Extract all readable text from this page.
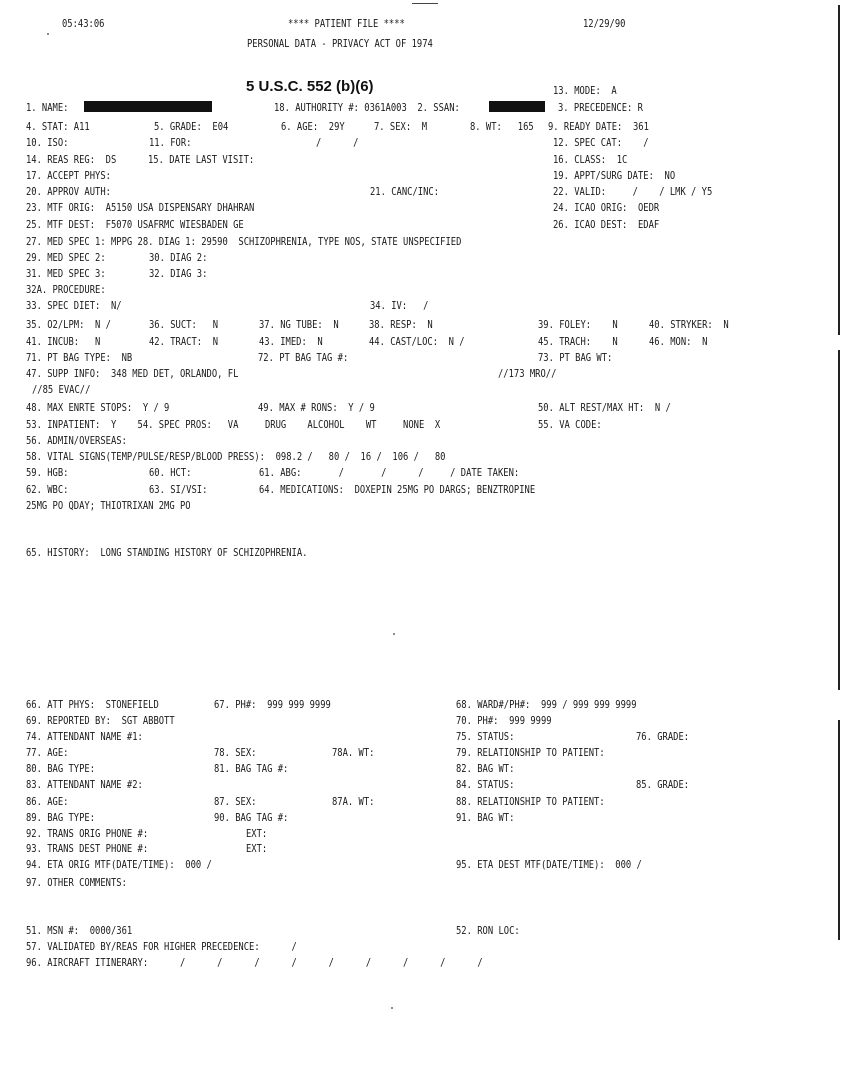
05:43:06	**** PATIENT FILE ****	12/29/90
PERSONAL DATA - PRIVACY ACT OF 1974
5 U.S.C. 552 (b)(6)	13. MODE:  A
1. NAME:	18. AUTHORITY #: 0361A003  2. SSAN:	3. PRECEDENCE: R
4. STAT: A11	5. GRADE:  E04	6. AGE:  29Y	7. SEX:  M	8. WT:   165 9. READY DATE:  361
10. ISO:	11. FOR:	/      /	12. SPEC CAT:    /
14. REAS REG:  DS	15. DATE LAST VISIT:	16. CLASS:  1C
17. ACCEPT PHYS:	19. APPT/SURG DATE:  NO
20. APPROV AUTH:	21. CANC/INC:	22. VALID:     /    / LMK / Y5
23. MTF ORIG:  A5150 USA DISPENSARY DHAHRAN	24. ICAO ORIG:  OEDR
25. MTF DEST:  F5070 USAFRMC WIESBADEN GE	26. ICAO DEST:  EDAF
27. MED SPEC 1: MPPG 28. DIAG 1: 29590  SCHIZOPHRENIA, TYPE NOS, STATE UNSPECIFIED
29. MED SPEC 2:	30. DIAG 2:
31. MED SPEC 3:	32. DIAG 3:
32A. PROCEDURE:
33. SPEC DIET:  N/	34. IV:   /
35. O2/LPM:  N /	36. SUCT:   N	37. NG TUBE:  N	38. RESP:  N	39. FOLEY:    N	40. STRYKER:  N
41. INCUB:   N	42. TRACT:  N	43. IMED:  N	44. CAST/LOC:  N /	45. TRACH:    N	46. MON:  N
71. PT BAG TYPE:  NB	72. PT BAG TAG #:	73. PT BAG WT:
47. SUPP INFO:  348 MED DET, ORLANDO, FL	//173 MRO//
//85 EVAC//
48. MAX ENRTE STOPS:  Y / 9	49. MAX # RONS:  Y / 9	50. ALT REST/MAX HT:  N /
53. INPATIENT:  Y    54. SPEC PROS:   VA     DRUG    ALCOHOL    WT     NONE  X	55. VA CODE:
56. ADMIN/OVERSEAS:
58. VITAL SIGNS(TEMP/PULSE/RESP/BLOOD PRESS):  098.2 /   80 /  16 /  106 /   80
59. HGB:	60. HCT:	61. ABG:       /       /      /     / DATE TAKEN:
62. WBC:	63. SI/VSI:	64. MEDICATIONS:  DOXEPIN 25MG PO DARGS; BENZTROPINE
25MG PO QDAY; THIOTRIXAN 2MG PO
65. HISTORY:  LONG STANDING HISTORY OF SCHIZOPHRENIA.
66. ATT PHYS:  STONEFIELD	67. PH#:  999 999 9999	68. WARD#/PH#:  999 / 999 999 9999
69. REPORTED BY:  SGT ABBOTT	70. PH#:  999 9999
74. ATTENDANT NAME #1:	75. STATUS:	76. GRADE:
77. AGE:	78. SEX:	78A. WT:	79. RELATIONSHIP TO PATIENT:
80. BAG TYPE:	81. BAG TAG #:	82. BAG WT:
83. ATTENDANT NAME #2:	84. STATUS:	85. GRADE:
86. AGE:	87. SEX:	87A. WT:	88. RELATIONSHIP TO PATIENT:
89. BAG TYPE:	90. BAG TAG #:	91. BAG WT:
92. TRANS ORIG PHONE #:	EXT:
93. TRANS DEST PHONE #:	EXT:
94. ETA ORIG MTF(DATE/TIME):  000 /	95. ETA DEST MTF(DATE/TIME):  000 /
97. OTHER COMMENTS:
51. MSN #:  0000/361	52. RON LOC:
57. VALIDATED BY/REAS FOR HIGHER PRECEDENCE:      /
96. AIRCRAFT ITINERARY:      /      /      /      /      /      /      /      /      /
